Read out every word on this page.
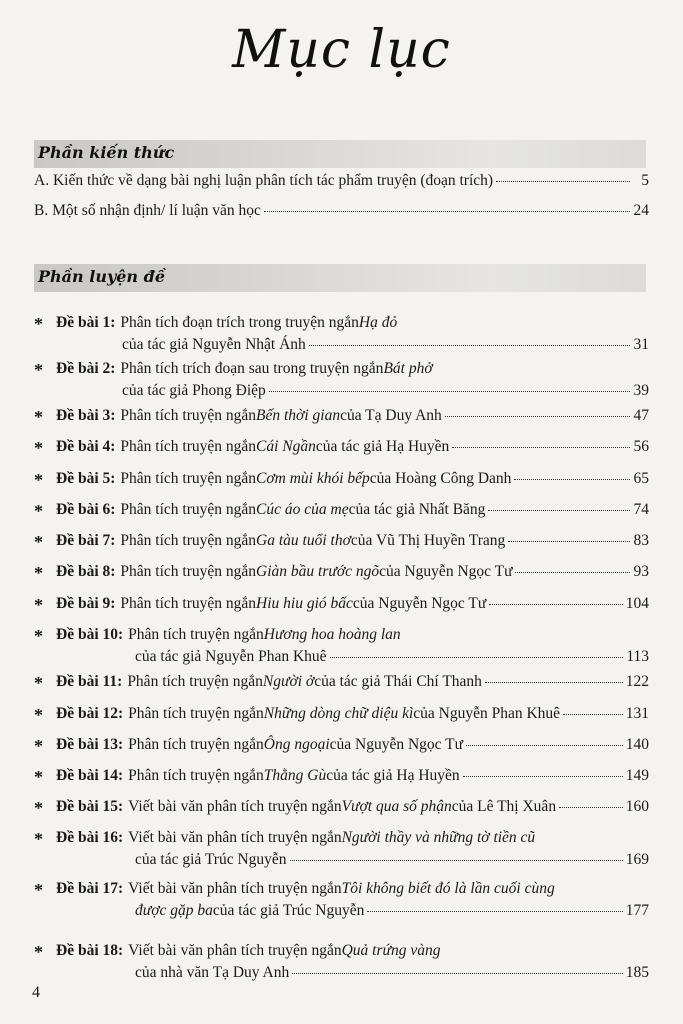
Mục lục
Phần kiến thức
A. Kiến thức về dạng bài nghị luận phân tích tác phẩm truyện (đoạn trích)	5
B. Một số nhận định/ lí luận văn học	24
Phần luyện đề
* Đề bài 1: Phân tích đoạn trích trong truyện ngắn Hạ đỏ
của tác giả Nguyễn Nhật Ánh	31
* Đề bài 2: Phân tích trích đoạn sau trong truyện ngắn Bát phở
của tác giả Phong Điệp	39
* Đề bài 3: Phân tích truyện ngắn Bến thời gian của Tạ Duy Anh	47
* Đề bài 4: Phân tích truyện ngắn Cái Ngần của tác giả Hạ Huyền	56
* Đề bài 5: Phân tích truyện ngắn Cơm mùi khói bếp của Hoàng Công Danh	65
* Đề bài 6: Phân tích truyện ngắn Cúc áo của mẹ của tác giả Nhất Băng	74
* Đề bài 7: Phân tích truyện ngắn Ga tàu tuổi thơ của Vũ Thị Huyền Trang	83
* Đề bài 8: Phân tích truyện ngắn Giàn bầu trước ngõ của Nguyễn Ngọc Tư	93
* Đề bài 9: Phân tích truyện ngắn Hiu hiu gió bấc của Nguyễn Ngọc Tư	104
* Đề bài 10: Phân tích truyện ngắn Hương hoa hoàng lan
của tác giả Nguyễn Phan Khuê	113
* Đề bài 11: Phân tích truyện ngắn Người ở của tác giả Thái Chí Thanh	122
* Đề bài 12: Phân tích truyện ngắn Những dòng chữ diệu kì của Nguyễn Phan Khuê	131
* Đề bài 13: Phân tích truyện ngắn Ông ngoại của Nguyễn Ngọc Tư	140
* Đề bài 14: Phân tích truyện ngắn Thằng Gù của tác giả Hạ Huyền	149
* Đề bài 15: Viết bài văn phân tích truyện ngắn Vượt qua số phận của Lê Thị Xuân	160
* Đề bài 16: Viết bài văn phân tích truyện ngắn Người thầy và những tờ tiền cũ
của tác giả Trúc Nguyễn	169
* Đề bài 17: Viết bài văn phân tích truyện ngắn Tôi không biết đó là lần cuối cùng
được gặp ba của tác giả Trúc Nguyễn	177
* Đề bài 18: Viết bài văn phân tích truyện ngắn Quả trứng vàng
của nhà văn Tạ Duy Anh	185
4
